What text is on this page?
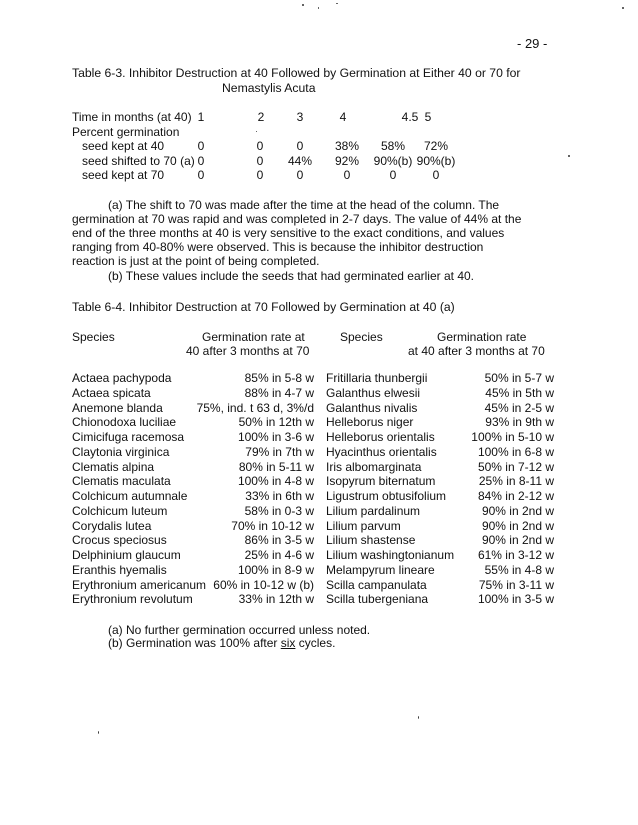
- 29 -
Table 6-3. Inhibitor Destruction at 40 Followed by Germination at Either 40 or 70 for
Nemastylis Acuta
Time in months (at 40) 1	2	3	4	4.5 5
Percent germination
seed kept at 40	0	0	0	38%	58%	72%
seed shifted to 70 (a) 0	0	44%	92%	90%(b) 90%(b)
seed kept at 70	0	0	0	0	0	0
(a) The shift to 70 was made after the time at the head of the column. The
germination at 70 was rapid and was completed in 2-7 days. The value of 44% at the
end of the three months at 40 is very sensitive to the exact conditions, and values
ranging from 40-80% were observed. This is because the inhibitor destruction
reaction is just at the point of being completed.
(b) These values include the seeds that had germinated earlier at 40.
Table 6-4. Inhibitor Destruction at 70 Followed by Germination at 40 (a)
Species	Germination rate at
40 after 3 months at 70
Species	Germination rate
at 40 after 3 months at 70
Actaea pachypoda	85% in 5-8 w Fritillaria thunbergii	50% in 5-7 w
Actaea spicata	88% in 4-7 w Galanthus elwesii	45% in 5th w
Anemone blanda	75%, ind. t 63 d, 3%/d Galanthus nivalis	45% in 2-5 w
Chionodoxa luciliae	50% in 12th w Helleborus niger	93% in 9th w
Cimicifuga racemosa	100% in 3-6 w Helleborus orientalis	100% in 5-10 w
Claytonia virginica	79% in 7th w Hyacinthus orientalis	100% in 6-8 w
Clematis alpina	80% in 5-11 w Iris albomarginata	50% in 7-12 w
Clematis maculata	100% in 4-8 w Isopyrum biternatum	25% in 8-11 w
Colchicum autumnale	33% in 6th w Ligustrum obtusifolium	84% in 2-12 w
Colchicum luteum	58% in 0-3 w Lilium pardalinum	90% in 2nd w
Corydalis lutea	70% in 10-12 w Lilium parvum	90% in 2nd w
Crocus speciosus	86% in 3-5 w Lilium shastense	90% in 2nd w
Delphinium glaucum	25% in 4-6 w Lilium washingtonianum	61% in 3-12 w
Eranthis hyemalis	100% in 8-9 w Melampyrum lineare	55% in 4-8 w
Erythronium americanum 60% in 10-12 w (b) Scilla campanulata	75% in 3-11 w
Erythronium revolutum	33% in 12th w Scilla tubergeniana	100% in 3-5 w
(a) No further germination occurred unless noted.
(b) Germination was 100% after six cycles.
